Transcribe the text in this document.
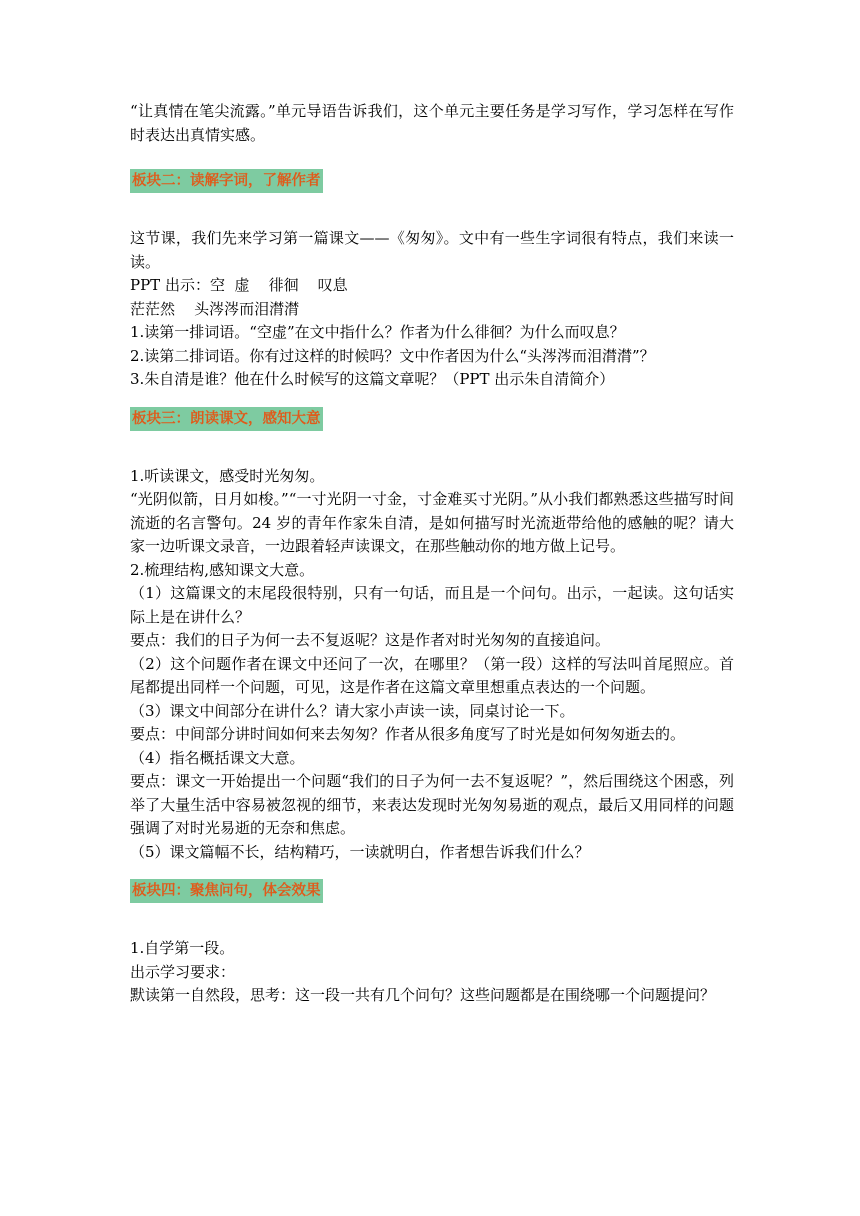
“让真情在笔尖流露。”单元导语告诉我们，这个单元主要任务是学习写作，学习怎样在写作时表达出真情实感。

板块二：读解字词，了解作者

这节课，我们先来学习第一篇课文——《匆匆》。文中有一些生字词很有特点，我们来读一读。

PPT 出示：空  虚    徘徊    叹息

茫茫然    头涔涔而泪潸潸

1.读第一排词语。“空虚”在文中指什么？作者为什么徘徊？为什么而叹息？

2.读第二排词语。你有过这样的时候吗？文中作者因为什么“头涔涔而泪潸潸”？

3.朱自清是谁？他在什么时候写的这篇文章呢？（PPT 出示朱自清简介）

板块三：朗读课文，感知大意

1.听读课文，感受时光匆匆。

“光阴似箭，日月如梭。”“一寸光阴一寸金，寸金难买寸光阴。”从小我们都熟悉这些描写时间流逝的名言警句。24 岁的青年作家朱自清，是如何描写时光流逝带给他的感触的呢？请大家一边听课文录音，一边跟着轻声读课文，在那些触动你的地方做上记号。

2.梳理结构,感知课文大意。

（1）这篇课文的末尾段很特别，只有一句话，而且是一个问句。出示，一起读。这句话实际上是在讲什么？

要点：我们的日子为何一去不复返呢？这是作者对时光匆匆的直接追问。

（2）这个问题作者在课文中还问了一次，在哪里？（第一段）这样的写法叫首尾照应。首尾都提出同样一个问题，可见，这是作者在这篇文章里想重点表达的一个问题。

（3）课文中间部分在讲什么？请大家小声读一读，同桌讨论一下。

要点：中间部分讲时间如何来去匆匆？作者从很多角度写了时光是如何匆匆逝去的。

（4）指名概括课文大意。

要点：课文一开始提出一个问题“我们的日子为何一去不复返呢？”，然后围绕这个困惑，列举了大量生活中容易被忽视的细节，来表达发现时光匆匆易逝的观点，最后又用同样的问题强调了对时光易逝的无奈和焦虑。

（5）课文篇幅不长，结构精巧，一读就明白，作者想告诉我们什么？

板块四：聚焦问句，体会效果

1.自学第一段。

出示学习要求：

默读第一自然段，思考：这一段一共有几个问句？这些问题都是在围绕哪一个问题提问？
